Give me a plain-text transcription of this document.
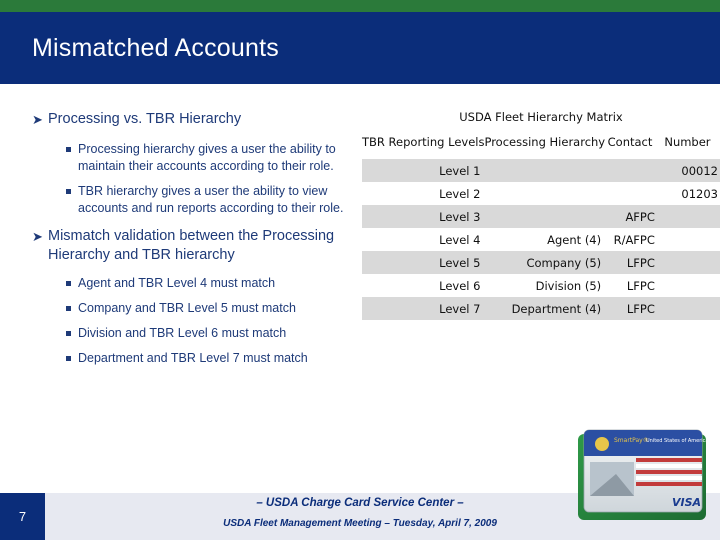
Mismatched Accounts
➤ Processing vs. TBR Hierarchy
Processing hierarchy gives a user the ability to maintain their accounts according to their role.
TBR hierarchy gives a user the ability to view accounts and run reports according to their role.
➤ Mismatch validation between the Processing Hierarchy and TBR hierarchy
Agent and TBR Level 4 must match
Company and TBR Level 5 must match
Division and TBR Level 6 must match
Department and TBR Level 7 must match
USDA Fleet Hierarchy Matrix			
TBR Reporting Levels	Processing Hierarchy	Contact	Number
Level 1			00012
Level 2			01203
Level 3		AFPC	
Level 4	Agent (4)	R/AFPC	
Level 5	Company (5)	LFPC	
Level 6	Division (5)	LFPC	
Level 7	Department (4)	LFPC	
7
– USDA Charge Card Service Center –
USDA Fleet Management Meeting – Tuesday, April 7, 2009
SmartPay®
United States of America
VISA
